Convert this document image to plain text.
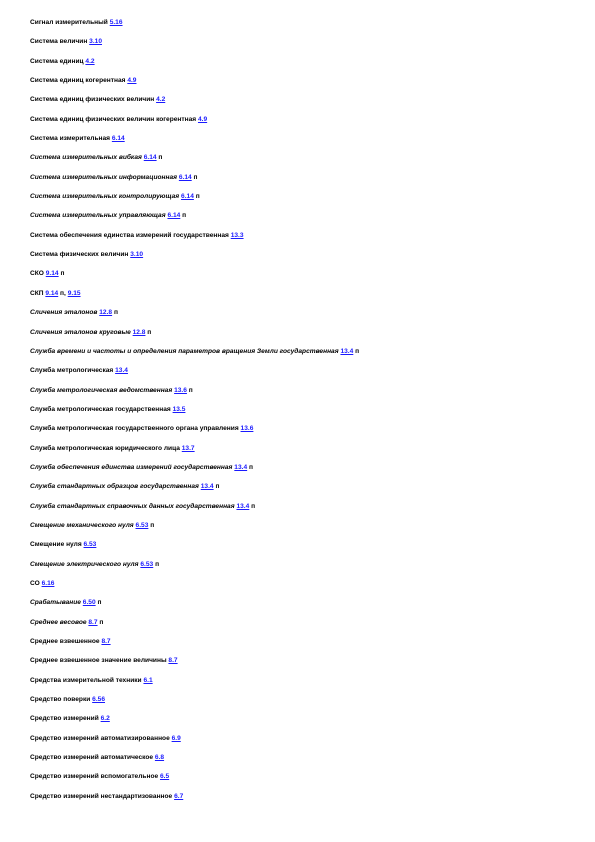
Сигнал измерительный 5.16
Система величин 3.10
Система единиц 4.2
Система единиц когерентная 4.9
Система единиц физических величин 4.2
Система единиц физических величин когерентная 4.9
Система измерительная 6.14
Система измерительных вибкая 6.14 п
Система измерительных информационная 6.14 п
Система измерительных контролирующая 6.14 п
Система измерительных управляющая 6.14 п
Система обеспечения единства измерений государственная 13.3
Система физических величин 3.10
СКО 9.14 п
СКП 9.14 п, 9.15
Сличения эталонов 12.8 п
Сличения эталонов круговые 12.8 п
Служба времени и частоты и определения параметров вращения Земли государственная 13.4 п
Служба метрологическая 13.4
Служба метрологическая ведомственная 13.6 п
Служба метрологическая государственная 13.5
Служба метрологическая государственного органа управления 13.6
Служба метрологическая юридического лица 13.7
Служба обеспечения единства измерений государственная 13.4 п
Служба стандартных образцов государственная 13.4 п
Служба стандартных справочных данных государственная 13.4 п
Смещение механического нуля 6.53 п
Смещение нуля 6.53
Смещение электрического нуля 6.53 п
СО 6.16
Срабатывание 6.50 п
Среднее весовое 8.7 п
Среднее взвешенное 8.7
Среднее взвешенное значение величины 8.7
Средства измерительной техники 6.1
Средство поверки 6.56
Средство измерений 6.2
Средство измерений автоматизированное 6.9
Средство измерений автоматическое 6.8
Средство измерений вспомогательное 6.5
Средство измерений нестандартизованное 6.7
